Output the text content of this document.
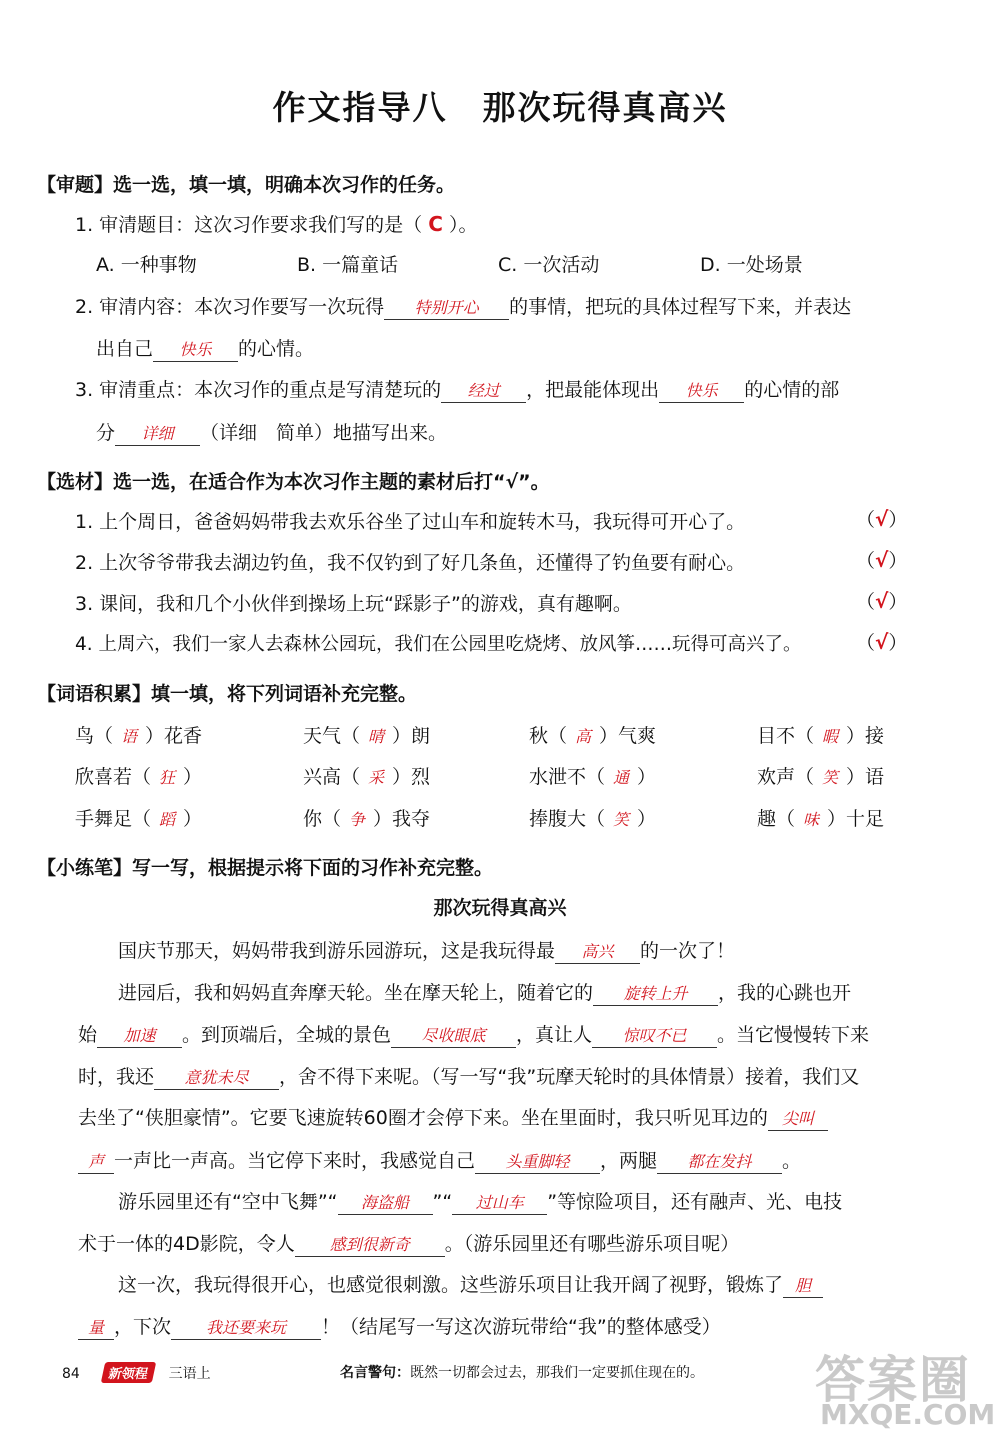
作文指导八　那次玩得真高兴
【审题】选一选，填一填，明确本次习作的任务。
1. 审清题目：这次习作要求我们写的是（ C ）。
A. 一种事物	B. 一篇童话	C. 一次活动	D. 一处场景
2. 审清内容：本次习作要写一次玩得 特别开心 的事情，把玩的具体过程写下来，并表达
出自己 快乐 的心情。
3. 审清重点：本次习作的重点是写清楚玩的 经过 ，把最能体现出 快乐 的心情的部
分 详细 （详细　简单）地描写出来。
【选材】选一选，在适合作为本次习作主题的素材后打“√”。
1. 上个周日，爸爸妈妈带我去欢乐谷坐了过山车和旋转木马，我玩得可开心了。	（√）
2. 上次爷爷带我去湖边钓鱼，我不仅钓到了好几条鱼，还懂得了钓鱼要有耐心。	（√）
3. 课间，我和几个小伙伴到操场上玩“踩影子”的游戏，真有趣啊。	（√）
4. 上周六，我们一家人去森林公园玩，我们在公园里吃烧烤、放风筝……玩得可高兴了。	（√）
【词语积累】填一填，将下列词语补充完整。
鸟（ 语 ）花香	天气（ 晴 ）朗	秋（ 高 ）气爽	目不（ 暇 ）接
欣喜若（ 狂 ）	兴高（ 采 ）烈	水泄不（ 通 ）	欢声（ 笑 ）语
手舞足（ 蹈 ）	你（ 争 ）我夺	捧腹大（ 笑 ）	趣（ 味 ）十足
【小练笔】写一写，根据提示将下面的习作补充完整。
那次玩得真高兴
国庆节那天，妈妈带我到游乐园游玩，这是我玩得最 高兴 的一次了！
进园后，我和妈妈直奔摩天轮。坐在摩天轮上，随着它的 旋转上升 ，我的心跳也开
始 加速 。到顶端后，全城的景色 尽收眼底 ，真让人 惊叹不已 。当它慢慢转下来
时，我还 意犹未尽 ，舍不得下来呢。（写一写“我”玩摩天轮时的具体情景）接着，我们又
去坐了“侠胆豪情”。它要飞速旋转60圈才会停下来。坐在里面时，我只听见耳边的 尖叫
声 一声比一声高。当它停下来时，我感觉自己 头重脚轻 ，两腿 都在发抖 。
游乐园里还有“空中飞舞”“ 海盗船 ”“ 过山车 ”等惊险项目，还有融声、光、电技
术于一体的4D影院，令人 感到很新奇 。（游乐园里还有哪些游乐项目呢）
这一次，我玩得很开心，也感觉很刺激。这些游乐项目让我开阔了视野，锻炼了 胆
量 ，下次 我还要来玩 ！（结尾写一写这次游玩带给“我”的整体感受）
84 新领程 三语上	名言警句：既然一切都会过去，那我们一定要抓住现在的。 答案圈
MXQE.COM
